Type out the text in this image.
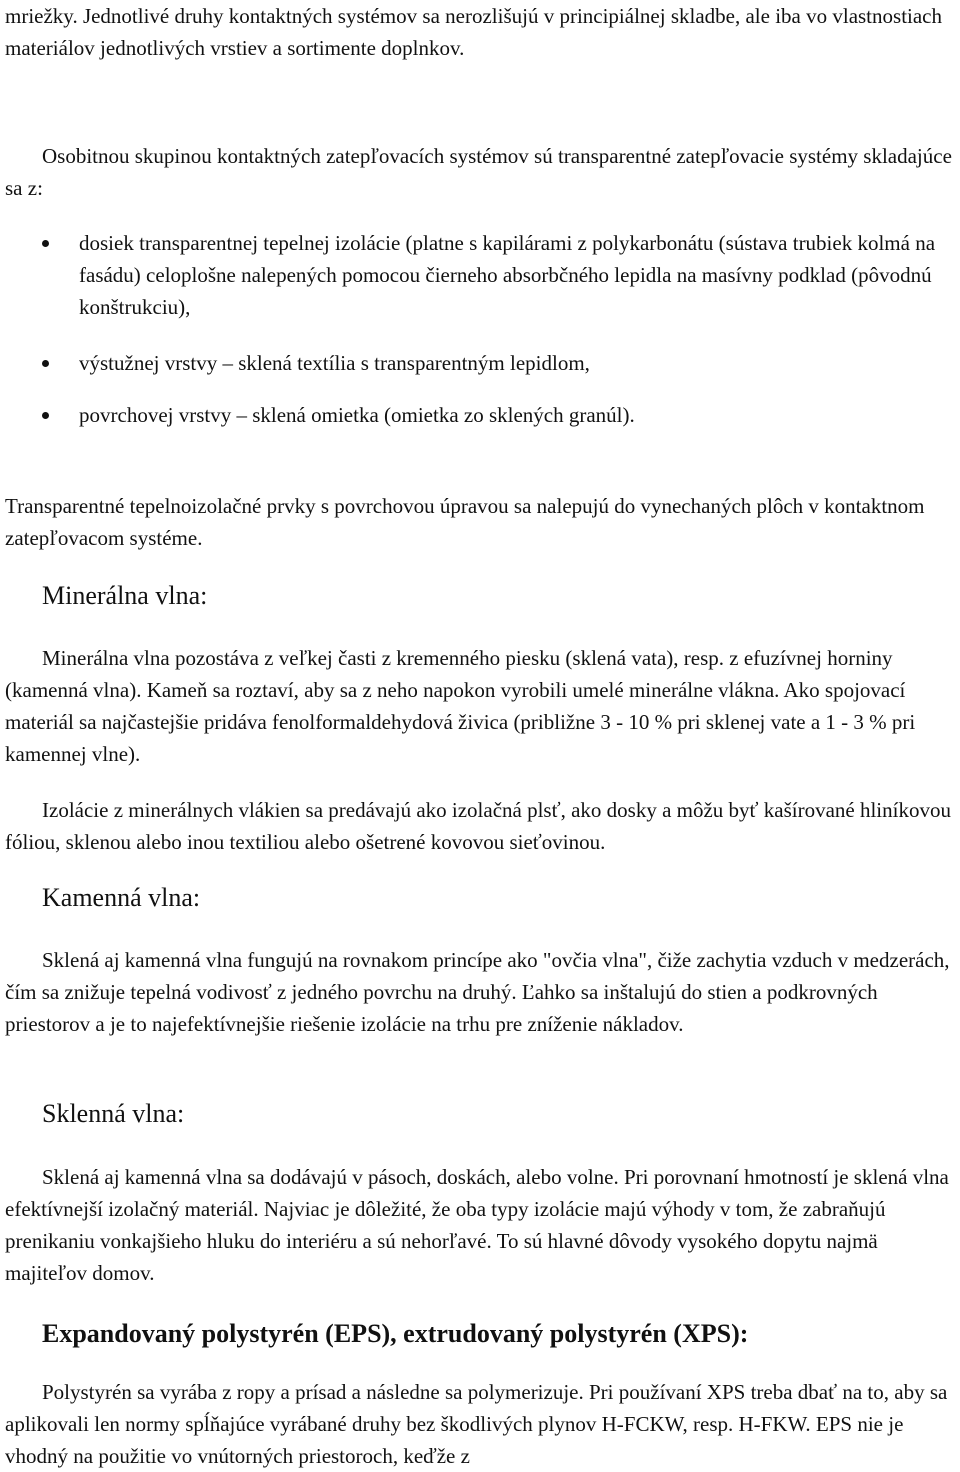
mriežky. Jednotlivé druhy kontaktných systémov sa nerozlišujú v principiálnej skladbe, ale iba vo vlastnostiach materiálov jednotlivých vrstiev a sortimente doplnkov.

Osobitnou skupinou kontaktných zatepľovacích systémov sú transparentné zatepľovacie systémy skladajúce sa z:

dosiek transparentnej tepelnej izolácie (platne s kapilárami z polykarbonátu (sústava trubiek kolmá na fasádu) celoplošne nalepených pomocou čierneho absorbčného lepidla na masívny podklad (pôvodnú konštrukciu),
výstužnej vrstvy – sklená textília s transparentným lepidlom,
povrchovej vrstvy – sklená omietka (omietka zo sklených granúl).

Transparentné tepelnoizolačné prvky s povrchovou úpravou sa nalepujú do vynechaných plôch v kontaktnom zatepľovacom systéme.

Minerálna vlna:

Minerálna vlna pozostáva z veľkej časti z kremenného piesku (sklená vata), resp. z efuzívnej horniny (kamenná vlna). Kameň sa roztaví, aby sa z neho napokon vyrobili umelé minerálne vlákna. Ako spojovací materiál sa najčastejšie pridáva fenolformaldehydová živica (približne 3 - 10 % pri sklenej vate a 1 - 3 % pri kamennej vlne).

Izolácie z minerálnych vlákien sa predávajú ako izolačná plsť, ako dosky a môžu byť kašírované hliníkovou fóliou, sklenou alebo inou textiliou alebo ošetrené kovovou sieťovinou.

Kamenná vlna:

Sklená aj kamenná vlna fungujú na rovnakom princípe ako "ovčia vlna", čiže zachytia vzduch v medzerách, čím sa znižuje tepelná vodivosť z jedného povrchu na druhý. Ľahko sa inštalujú do stien a podkrovných priestorov a je to najefektívnejšie riešenie izolácie na trhu pre zníženie nákladov.

Sklenná vlna:

Sklená aj kamenná vlna sa dodávajú v pásoch, doskách, alebo volne. Pri porovnaní hmotností je sklená vlna efektívnejší izolačný materiál. Najviac je dôležité, že oba typy izolácie majú výhody v tom, že zabraňujú prenikaniu vonkajšieho hluku do interiéru a sú nehorľavé. To sú hlavné dôvody vysokého dopytu najmä majiteľov domov.

Expandovaný polystyrén (EPS), extrudovaný polystyrén (XPS):

Polystyrén sa vyrába z ropy a prísad a následne sa polymerizuje. Pri používaní XPS treba dbať na to, aby sa aplikovali len normy spĺňajúce vyrábané druhy bez škodlivých plynov H-FCKW, resp. H-FKW. EPS nie je vhodný na použitie vo vnútorných priestoroch, keďže z
